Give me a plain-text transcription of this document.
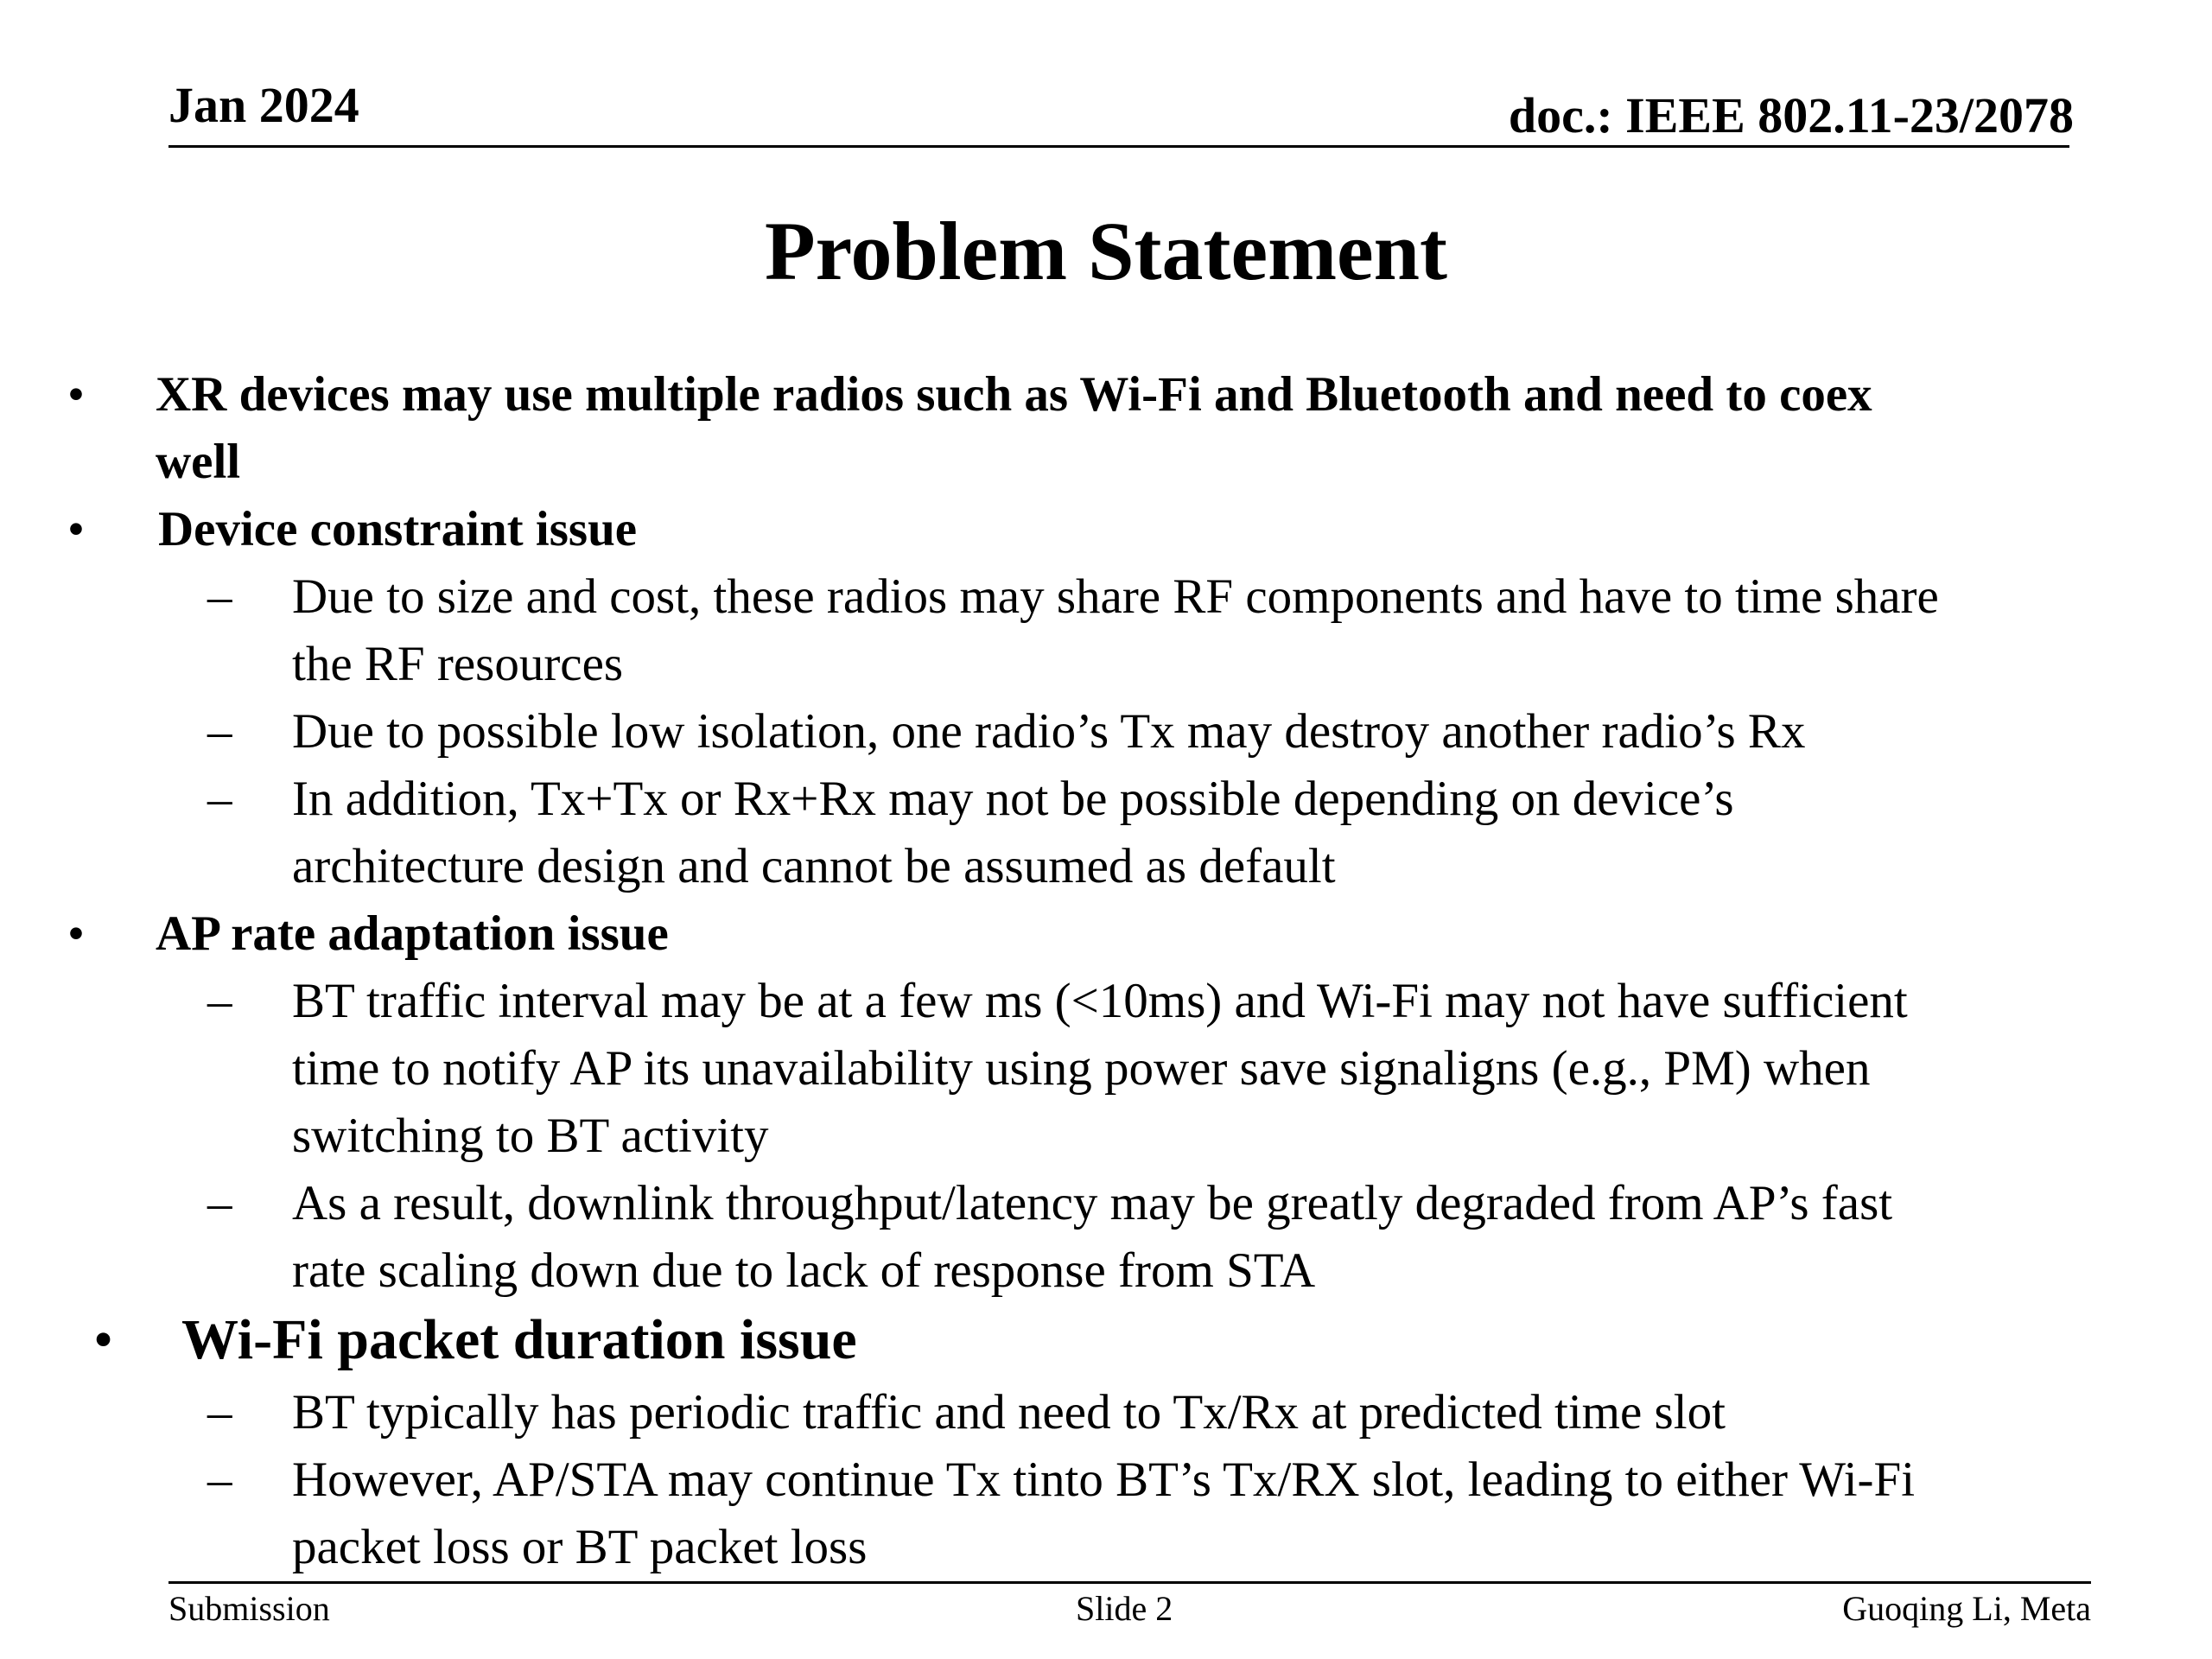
Jan 2024	doc.: IEEE 802.11-23/2078
Problem Statement
• XR devices may use multiple radios such as Wi-Fi and Bluetooth and need to coex
well
• Device constraint issue
– Due to size and cost, these radios may share RF components and have to time share
the RF resources
– Due to possible low isolation, one radio’s Tx may destroy another radio’s Rx
– In addition, Tx+Tx or Rx+Rx may not be possible depending on device’s
architecture design and cannot be assumed as default
• AP rate adaptation issue
– BT traffic interval may be at a few ms (<10ms) and Wi-Fi may not have sufficient
time to notify AP its unavailability using power save signaligns (e.g., PM) when
switching to BT activity
– As a result, downlink throughput/latency may be greatly degraded from AP’s fast
rate scaling down due to lack of response from STA
• Wi-Fi packet duration issue
– BT typically has periodic traffic and need to Tx/Rx at predicted time slot
– However, AP/STA may continue Tx tinto BT’s Tx/RX slot, leading to either Wi-Fi
packet loss or BT packet loss
Submission	Slide 2	Guoqing Li, Meta
